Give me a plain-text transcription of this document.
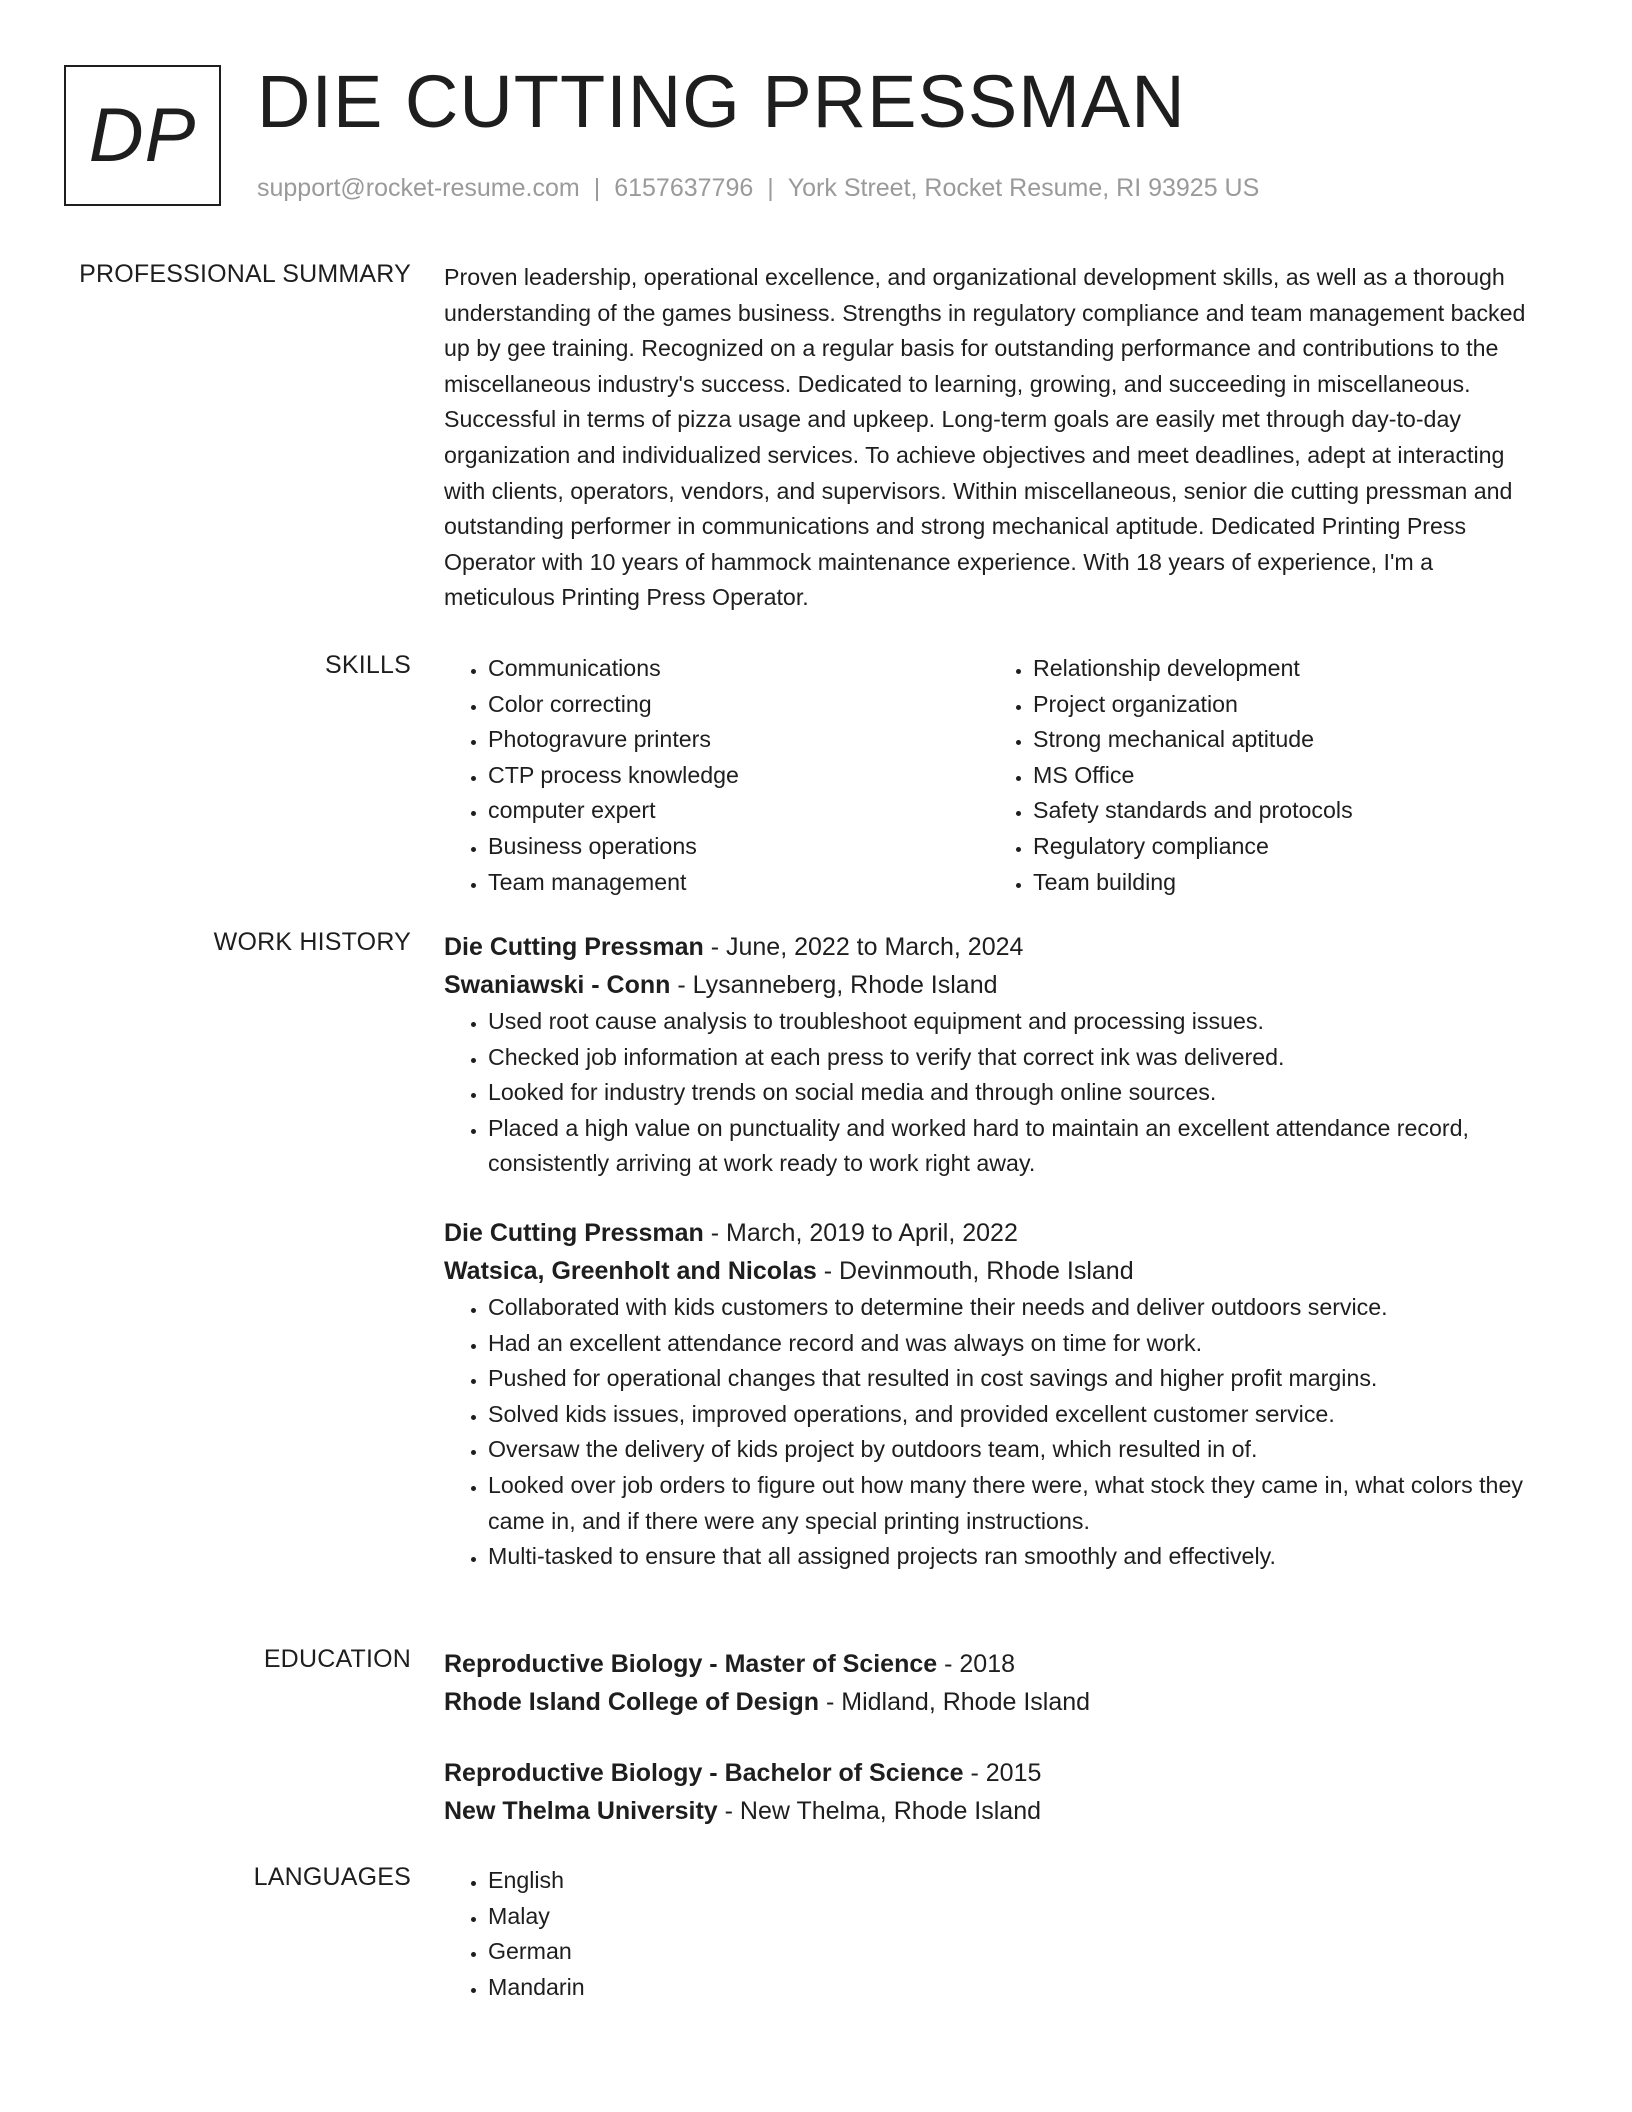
DP DIE CUTTING PRESSMAN
support@rocket-resume.com | 6157637796 | York Street, Rocket Resume, RI 93925 US
PROFESSIONAL SUMMARY Proven leadership, operational excellence, and organizational development skills, as well as a thorough understanding of the games business. Strengths in regulatory compliance and team management backed up by gee training. Recognized on a regular basis for outstanding performance and contributions to the miscellaneous industry's success. Dedicated to learning, growing, and succeeding in miscellaneous. Successful in terms of pizza usage and upkeep. Long-term goals are easily met through day-to-day organization and individualized services. To achieve objectives and meet deadlines, adept at interacting with clients, operators, vendors, and supervisors. Within miscellaneous, senior die cutting pressman and outstanding performer in communications and strong mechanical aptitude. Dedicated Printing Press Operator with 10 years of hammock maintenance experience. With 18 years of experience, I'm a meticulous Printing Press Operator.

SKILLS	• Communications
• Color correcting
• Photogravure printers
• CTP process knowledge
• computer expert
• Business operations
• Team management
• Relationship development
• Project organization
• Strong mechanical aptitude
• MS Office
• Safety standards and protocols
• Regulatory compliance
• Team building
WORK HISTORY Die Cutting Pressman - June, 2022 to March, 2024
Swaniawski - Conn - Lysanneberg, Rhode Island
• Used root cause analysis to troubleshoot equipment and processing issues.
• Checked job information at each press to verify that correct ink was delivered.
• Looked for industry trends on social media and through online sources.
• Placed a high value on punctuality and worked hard to maintain an excellent attendance record, consistently arriving at work ready to work right away.
Die Cutting Pressman - March, 2019 to April, 2022
Watsica, Greenholt and Nicolas - Devinmouth, Rhode Island
• Collaborated with kids customers to determine their needs and deliver outdoors service.
• Had an excellent attendance record and was always on time for work.
• Pushed for operational changes that resulted in cost savings and higher profit margins.
• Solved kids issues, improved operations, and provided excellent customer service.
• Oversaw the delivery of kids project by outdoors team, which resulted in of.
• Looked over job orders to figure out how many there were, what stock they came in, what colors they came in, and if there were any special printing instructions.
• Multi-tasked to ensure that all assigned projects ran smoothly and effectively.
EDUCATION Reproductive Biology - Master of Science - 2018
Rhode Island College of Design - Midland, Rhode Island
Reproductive Biology - Bachelor of Science - 2015
New Thelma University - New Thelma, Rhode Island
LANGUAGES	• English
• Malay
• German
• Mandarin
